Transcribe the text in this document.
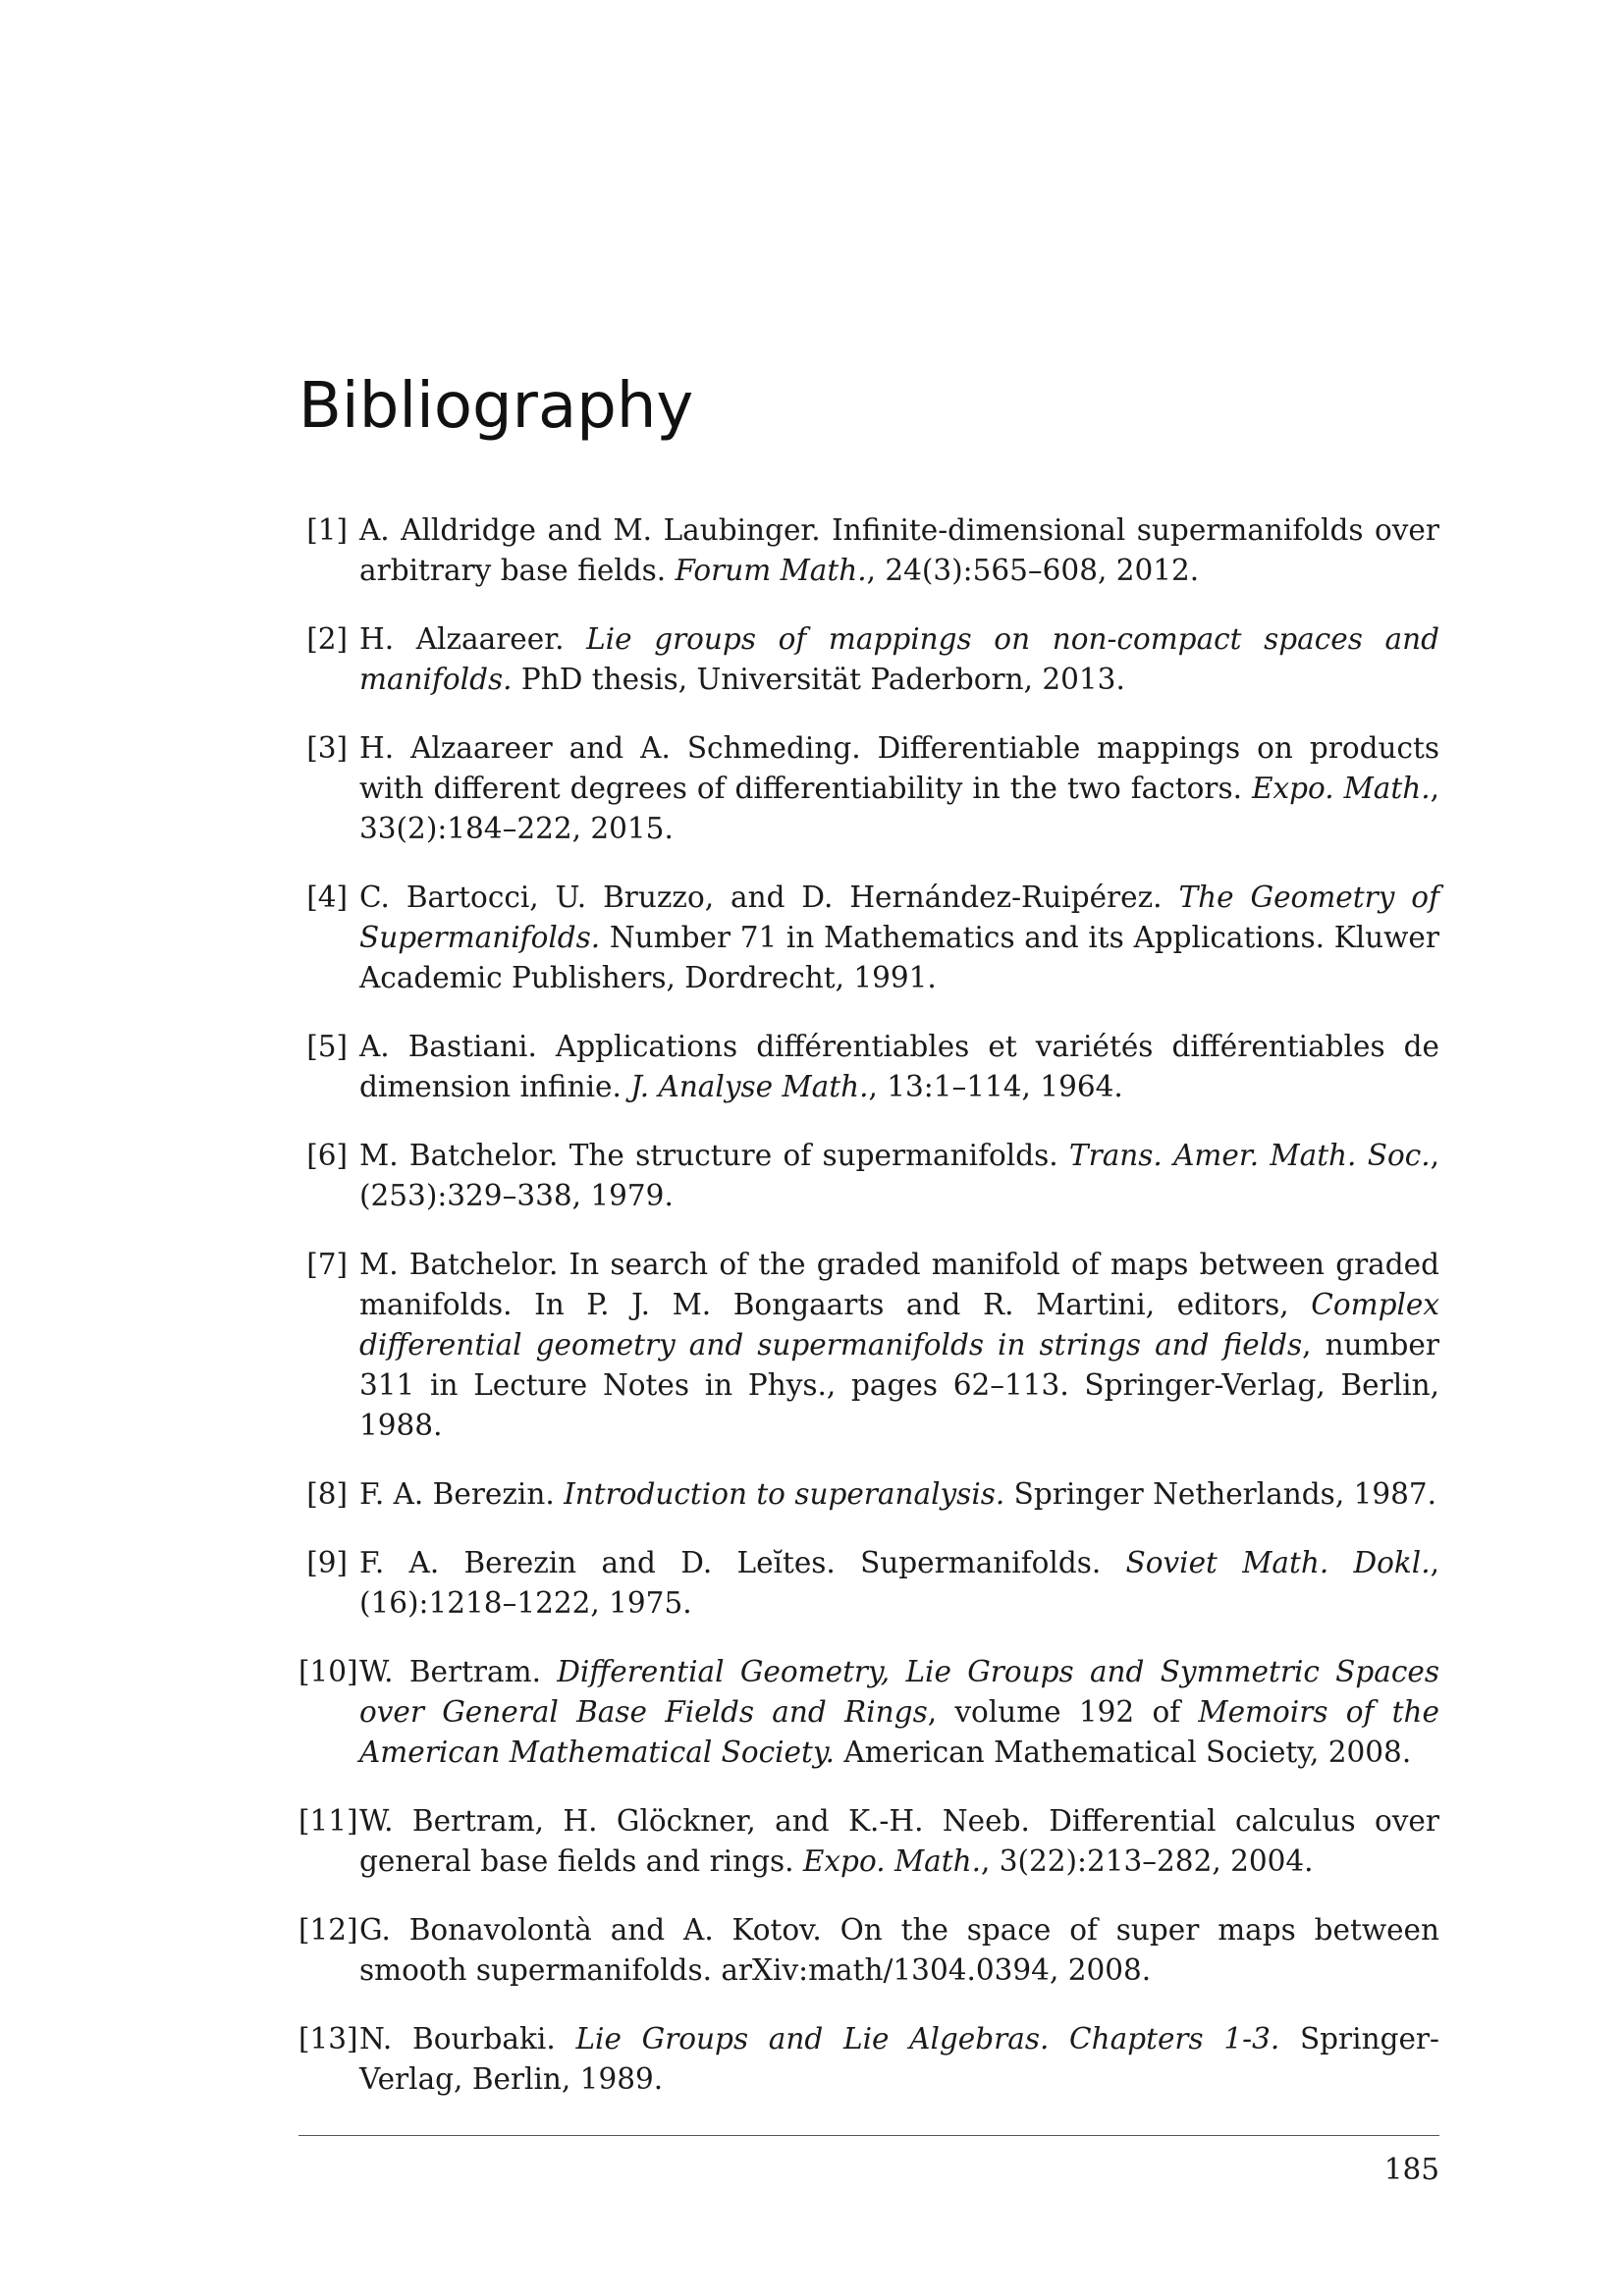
Bibliography
[1] A. Alldridge and M. Laubinger. Infinite-dimensional supermanifolds over arbitrary base fields. Forum Math., 24(3):565–608, 2012.
[2] H. Alzaareer. Lie groups of mappings on non-compact spaces and manifolds. PhD thesis, Universität Paderborn, 2013.
[3] H. Alzaareer and A. Schmeding. Differentiable mappings on products with different degrees of differentiability in the two factors. Expo. Math., 33(2):184–222, 2015.
[4] C. Bartocci, U. Bruzzo, and D. Hernández-Ruipérez. The Geometry of Supermanifolds. Number 71 in Mathematics and its Applications. Kluwer Academic Publishers, Dordrecht, 1991.
[5] A. Bastiani. Applications différentiables et variétés différentiables de dimension infinie. J. Analyse Math., 13:1–114, 1964.
[6] M. Batchelor. The structure of supermanifolds. Trans. Amer. Math. Soc., (253):329–338, 1979.
[7] M. Batchelor. In search of the graded manifold of maps between graded manifolds. In P. J. M. Bongaarts and R. Martini, editors, Complex differential geometry and supermanifolds in strings and fields, number 311 in Lecture Notes in Phys., pages 62–113. Springer-Verlag, Berlin, 1988.
[8] F. A. Berezin. Introduction to superanalysis. Springer Netherlands, 1987.
[9] F. A. Berezin and D. Leĭtes. Supermanifolds. Soviet Math. Dokl., (16):1218–1222, 1975.
[10] W. Bertram. Differential Geometry, Lie Groups and Symmetric Spaces over General Base Fields and Rings, volume 192 of Memoirs of the American Mathematical Society. American Mathematical Society, 2008.
[11] W. Bertram, H. Glöckner, and K.-H. Neeb. Differential calculus over general base fields and rings. Expo. Math., 3(22):213–282, 2004.
[12] G. Bonavolontà and A. Kotov. On the space of super maps between smooth supermanifolds. arXiv:math/1304.0394, 2008.
[13] N. Bourbaki. Lie Groups and Lie Algebras. Chapters 1-3. Springer-Verlag, Berlin, 1989.
185
